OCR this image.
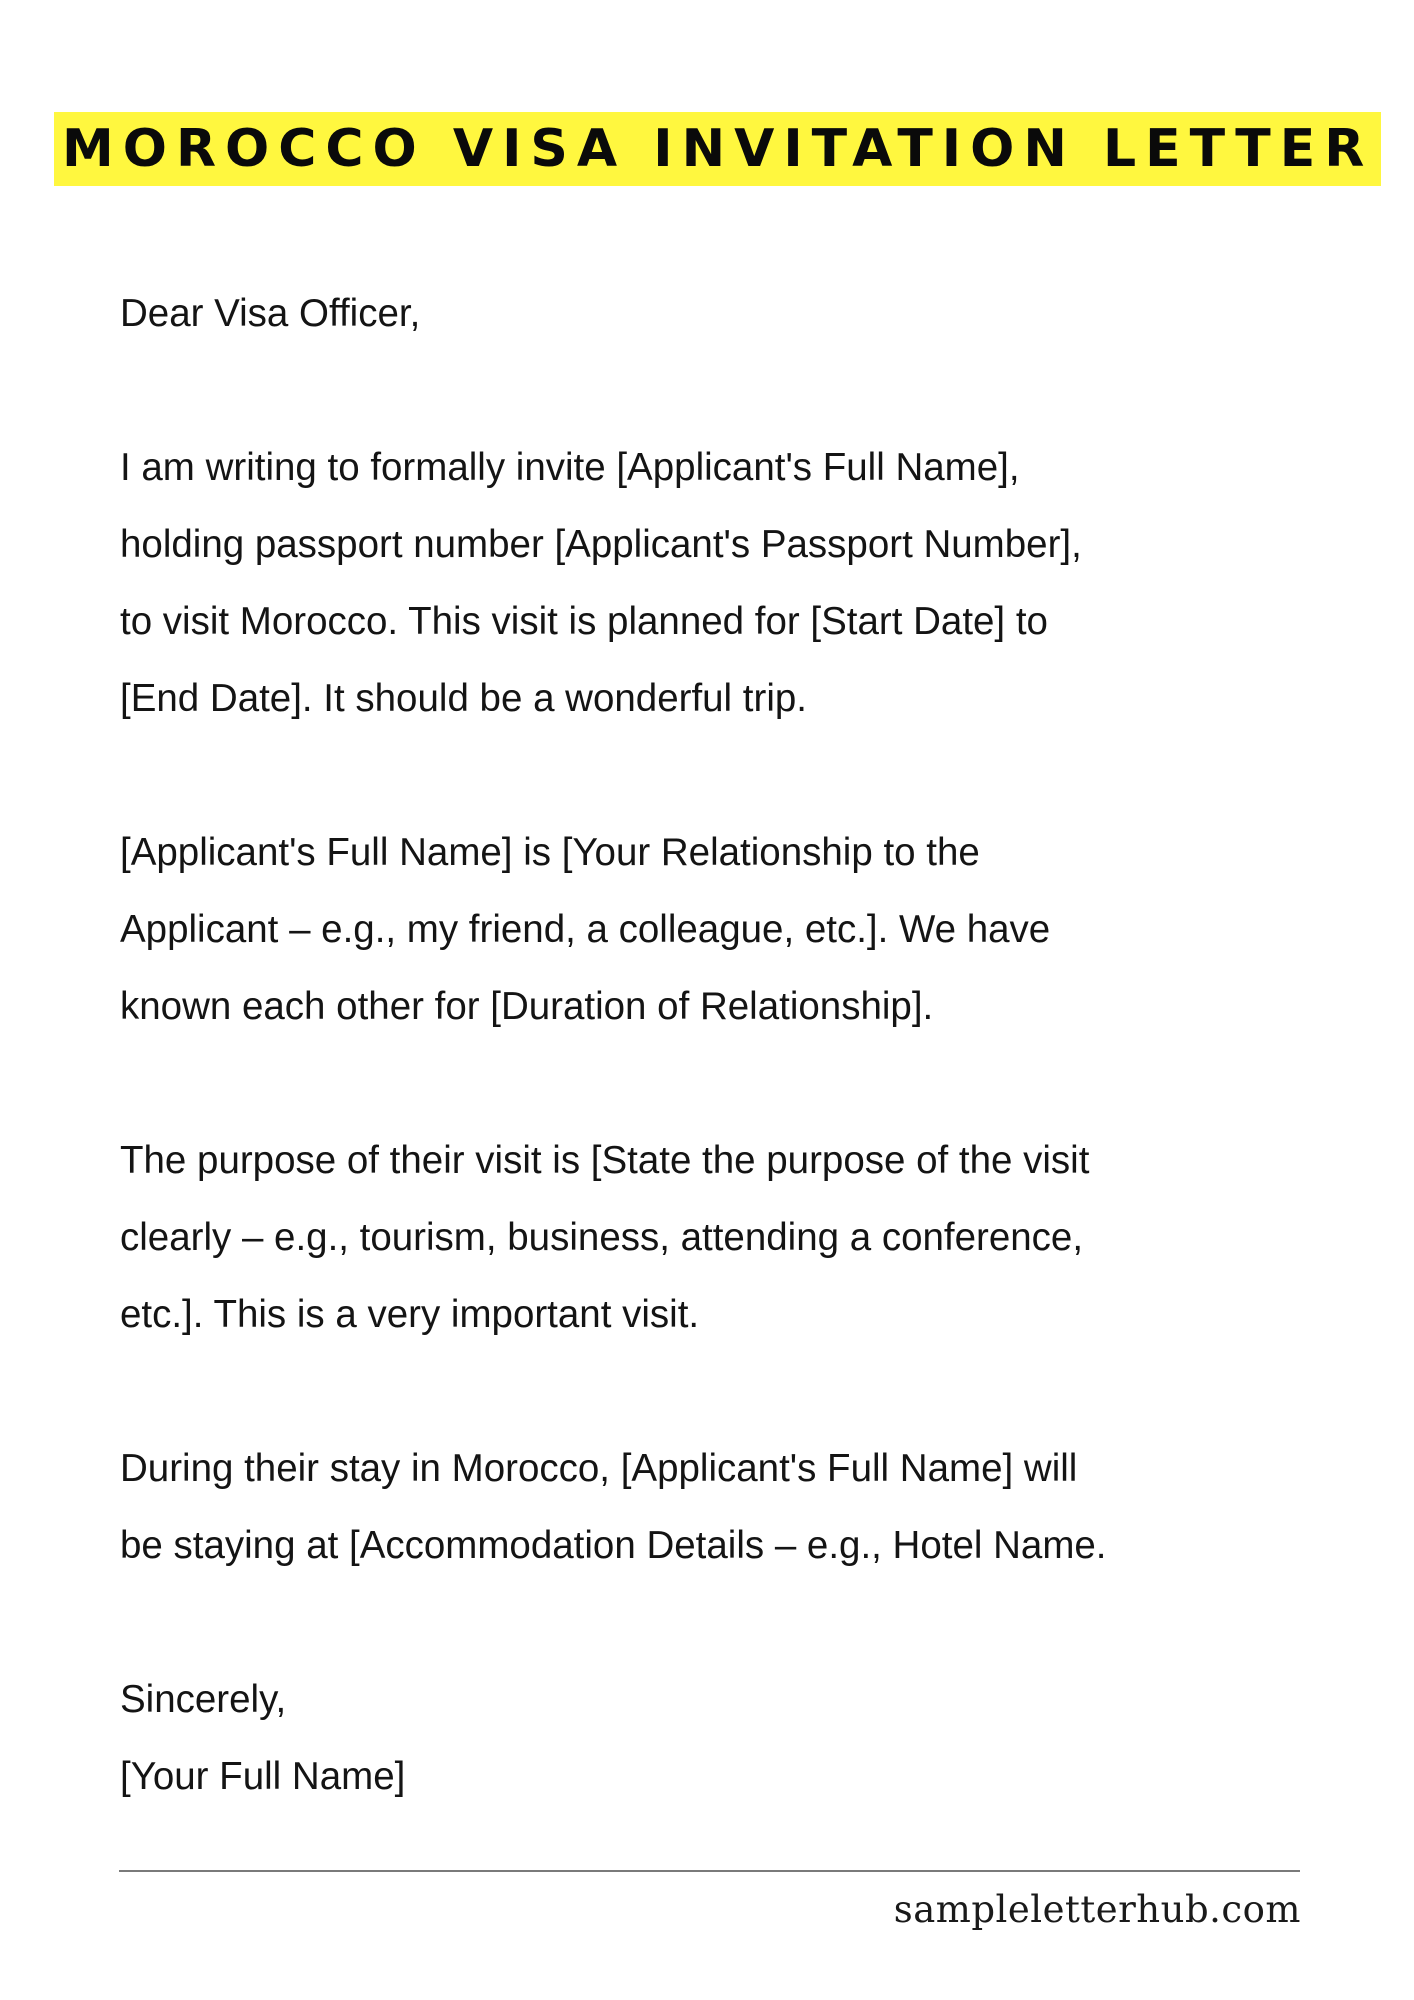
MOROCCO VISA INVITATION LETTER

Dear Visa Officer,

I am writing to formally invite [Applicant's Full Name],

holding passport number [Applicant's Passport Number],

to visit Morocco. This visit is planned for [Start Date] to

[End Date]. It should be a wonderful trip.

[Applicant's Full Name] is [Your Relationship to the

Applicant – e.g., my friend, a colleague, etc.]. We have

known each other for [Duration of Relationship].

The purpose of their visit is [State the purpose of the visit

clearly – e.g., tourism, business, attending a conference,

etc.]. This is a very important visit.

During their stay in Morocco, [Applicant's Full Name] will

be staying at [Accommodation Details – e.g., Hotel Name.

Sincerely,

[Your Full Name]

sampleletterhub.com
